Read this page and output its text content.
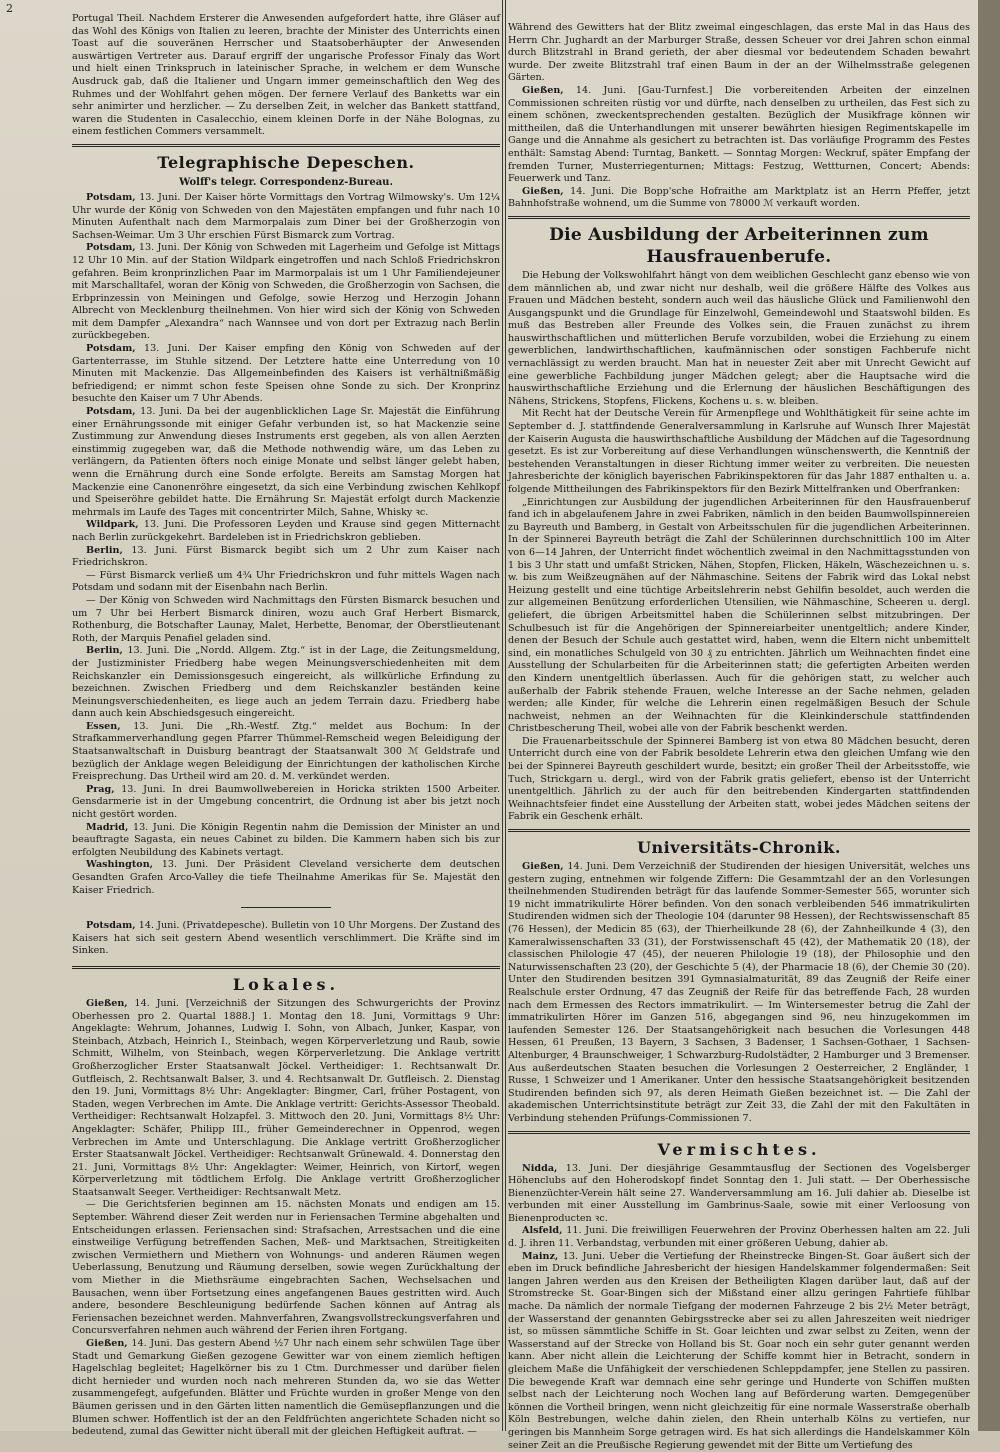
2

Portugal Theil. Nachdem Ersterer die Anwesenden aufgefordert hatte, ihre Gläser auf das Wohl des Königs von Italien zu leeren, brachte der Minister des Unterrichts einen Toast auf die souveränen Herrscher und Staatsoberhäupter der Anwesenden auswärtigen Vertreter aus. Darauf ergriff der ungarische Professor Finaly das Wort und hielt einen Trinkspruch in lateinischer Sprache, in welchem er dem Wunsche Ausdruck gab, daß die Italiener und Ungarn immer gemeinschaftlich den Weg des Ruhmes und der Wohlfahrt gehen mögen. Der fernere Verlauf des Banketts war ein sehr animirter und herzlicher. — Zu derselben Zeit, in welcher das Bankett stattfand, waren die Studenten in Casalecchio, einem kleinen Dorfe in der Nähe Bolognas, zu einem festlichen Commers versammelt.

Telegraphische Depeschen.
Wolff's telegr. Correspondenz-Bureau.

Potsdam, 13. Juni. Der Kaiser hörte Vormittags den Vortrag Wilmowsky's. Um 12¼ Uhr wurde der König von Schweden von den Majestäten empfangen und fuhr nach 10 Minuten Aufenthalt nach dem Marmorpalais zum Diner bei der Großherzogin von Sachsen-Weimar. Um 3 Uhr erschien Fürst Bismarck zum Vortrag.

Potsdam, 13. Juni. Der König von Schweden mit Lagerheim und Gefolge ist Mittags 12 Uhr 10 Min. auf der Station Wildpark eingetroffen und nach Schloß Friedrichskron gefahren. Beim kronprinzlichen Paar im Marmorpalais ist um 1 Uhr Familiendejeuner mit Marschalltafel, woran der König von Schweden, die Großherzogin von Sachsen, die Erbprinzessin von Meiningen und Gefolge, sowie Herzog und Herzogin Johann Albrecht von Mecklenburg theilnehmen. Von hier wird sich der König von Schweden mit dem Dampfer „Alexandra“ nach Wannsee und von dort per Extrazug nach Berlin zurückbegeben.

Potsdam, 13. Juni. Der Kaiser empfing den König von Schweden auf der Gartenterrasse, im Stuhle sitzend. Der Letztere hatte eine Unterredung von 10 Minuten mit Mackenzie. Das Allgemeinbefinden des Kaisers ist verhältnißmäßig befriedigend; er nimmt schon feste Speisen ohne Sonde zu sich. Der Kronprinz besuchte den Kaiser um 7 Uhr Abends.

Potsdam, 13. Juni. Da bei der augenblicklichen Lage Sr. Majestät die Einführung einer Ernährungssonde mit einiger Gefahr verbunden ist, so hat Mackenzie seine Zustimmung zur Anwendung dieses Instruments erst gegeben, als von allen Aerzten einstimmig zugegeben war, daß die Methode nothwendig wäre, um das Leben zu verlängern, da Patienten öfters noch einige Monate und selbst länger gelebt haben, wenn die Ernährung durch eine Sonde erfolgte. Bereits am Samstag Morgen hat Mackenzie eine Canonenröhre eingesetzt, da sich eine Verbindung zwischen Kehlkopf und Speiseröhre gebildet hatte. Die Ernährung Sr. Majestät erfolgt durch Mackenzie mehrmals im Laufe des Tages mit concentrirter Milch, Sahne, Whisky ꝛc.

Wildpark, 13. Juni. Die Professoren Leyden und Krause sind gegen Mitternacht nach Berlin zurückgekehrt. Bardeleben ist in Friedrichskron geblieben.

Berlin, 13. Juni. Fürst Bismarck begibt sich um 2 Uhr zum Kaiser nach Friedrichskron.

— Fürst Bismarck verließ um 4¾ Uhr Friedrichskron und fuhr mittels Wagen nach Potsdam und sodann mit der Eisenbahn nach Berlin.

— Der König von Schweden wird Nachmittags den Fürsten Bismarck besuchen und um 7 Uhr bei Herbert Bismarck diniren, wozu auch Graf Herbert Bismarck, Rothenburg, die Botschafter Launay, Malet, Herbette, Benomar, der Oberstlieutenant Roth, der Marquis Penafiel geladen sind.

Berlin, 13. Juni. Die „Nordd. Allgem. Ztg.“ ist in der Lage, die Zeitungsmeldung, der Justizminister Friedberg habe wegen Meinungsverschiedenheiten mit dem Reichskanzler ein Demissionsgesuch eingereicht, als willkürliche Erfindung zu bezeichnen. Zwischen Friedberg und dem Reichskanzler beständen keine Meinungsverschiedenheiten, es liege auch an jedem Terrain dazu. Friedberg habe dann auch kein Abschiedsgesuch eingereicht.

Essen, 13. Juni. Die „Rh.-Westf. Ztg.“ meldet aus Bochum: In der Strafkammerverhandlung gegen Pfarrer Thümmel-Remscheid wegen Beleidigung der Staatsanwaltschaft in Duisburg beantragt der Staatsanwalt 300 ℳ Geldstrafe und bezüglich der Anklage wegen Beleidigung der Einrichtungen der katholischen Kirche Freisprechung. Das Urtheil wird am 20. d. M. verkündet werden.

Prag, 13. Juni. In drei Baumwollwebereien in Horicka strikten 1500 Arbeiter. Gensdarmerie ist in der Umgebung concentrirt, die Ordnung ist aber bis jetzt noch nicht gestört worden.

Madrid, 13. Juni. Die Königin Regentin nahm die Demission der Minister an und beauftragte Sagasta, ein neues Cabinet zu bilden. Die Kammern haben sich bis zur erfolgten Neubildung des Kabinets vertagt.

Washington, 13. Juni. Der Präsident Cleveland versicherte dem deutschen Gesandten Grafen Arco-Valley die tiefe Theilnahme Amerikas für Se. Majestät den Kaiser Friedrich.

Potsdam, 14. Juni. (Privatdepesche). Bulletin von 10 Uhr Morgens. Der Zustand des Kaisers hat sich seit gestern Abend wesentlich verschlimmert. Die Kräfte sind im Sinken.

Lokales.

Gießen, 14. Juni. [Verzeichniß der Sitzungen des Schwurgerichts der Provinz Oberhessen pro 2. Quartal 1888.] 1. Montag den 18. Juni, Vormittags 9 Uhr: Angeklagte: Wehrum, Johannes, Ludwig I. Sohn, von Albach, Junker, Kaspar, von Steinbach, Atzbach, Heinrich I., Steinbach, wegen Körperverletzung und Raub, sowie Schmitt, Wilhelm, von Steinbach, wegen Körperverletzung. Die Anklage vertritt Großherzoglicher Erster Staatsanwalt Jöckel. Vertheidiger: 1. Rechtsanwalt Dr. Gutfleisch, 2. Rechtsanwalt Balser, 3. und 4. Rechtsanwalt Dr. Gutfleisch. 2. Dienstag den 19. Juni, Vormittags 8½ Uhr: Angeklagter: Bingmer, Carl, früher Postagent, von Staden, wegen Verbrechen im Amte. Die Anklage vertritt: Gerichts-Assessor Theobald. Vertheidiger: Rechtsanwalt Holzapfel. 3. Mittwoch den 20. Juni, Vormittags 8½ Uhr: Angeklagter: Schäfer, Philipp III., früher Gemeinderechner in Oppenrod, wegen Verbrechen im Amte und Unterschlagung. Die Anklage vertritt Großherzoglicher Erster Staatsanwalt Jöckel. Vertheidiger: Rechtsanwalt Grünewald. 4. Donnerstag den 21. Juni, Vormittags 8½ Uhr: Angeklagter: Weimer, Heinrich, von Kirtorf, wegen Körperverletzung mit tödtlichem Erfolg. Die Anklage vertritt Großherzoglicher Staatsanwalt Seeger. Vertheidiger: Rechtsanwalt Metz.

— Die Gerichtsferien beginnen am 15. nächsten Monats und endigen am 15. September. Während dieser Zeit werden nur in Feriensachen Termine abgehalten und Entscheidungen erlassen. Feriensachen sind: Strafsachen, Arrestsachen und die eine einstweilige Verfügung betreffenden Sachen, Meß- und Marktsachen, Streitigkeiten zwischen Vermiethern und Miethern von Wohnungs- und anderen Räumen wegen Ueberlassung, Benutzung und Räumung derselben, sowie wegen Zurückhaltung der vom Miether in die Miethsräume eingebrachten Sachen, Wechselsachen und Bausachen, wenn über Fortsetzung eines angefangenen Baues gestritten wird. Auch andere, besondere Beschleunigung bedürfende Sachen können auf Antrag als Feriensachen bezeichnet werden. Mahnverfahren, Zwangsvollstreckungsverfahren und Concursverfahren nehmen auch während der Ferien ihren Fortgang.

Gießen, 14. Juni. Das gestern Abend ½7 Uhr nach einem sehr schwülen Tage über Stadt und Gemarkung Gießen gezogene Gewitter war von einem ziemlich heftigen Hagelschlag begleitet; Hagelkörner bis zu 1 Ctm. Durchmesser und darüber fielen dicht hernieder und wurden noch nach mehreren Stunden da, wo sie das Wetter zusammengefegt, aufgefunden. Blätter und Früchte wurden in großer Menge von den Bäumen gerissen und in den Gärten litten namentlich die Gemüsepflanzungen und die Blumen schwer. Hoffentlich ist der an den Feldfrüchten angerichtete Schaden nicht so bedeutend, zumal das Gewitter nicht überall mit der gleichen Heftigkeit auftrat. —

Während des Gewitters hat der Blitz zweimal eingeschlagen, das erste Mal in das Haus des Herrn Chr. Jughardt an der Marburger Straße, dessen Scheuer vor drei Jahren schon einmal durch Blitzstrahl in Brand gerieth, der aber diesmal vor bedeutendem Schaden bewahrt wurde. Der zweite Blitzstrahl traf einen Baum in der an der Wilhelmsstraße gelegenen Gärten.

Gießen, 14. Juni. [Gau-Turnfest.] Die vorbereitenden Arbeiten der einzelnen Commissionen schreiten rüstig vor und dürfte, nach denselben zu urtheilen, das Fest sich zu einem schönen, zweckentsprechenden gestalten. Bezüglich der Musikfrage können wir mittheilen, daß die Unterhandlungen mit unserer bewährten hiesigen Regimentskapelle im Gange und die Annahme als gesichert zu betrachten ist. Das vorläufige Programm des Festes enthält: Samstag Abend: Turntag, Bankett. — Sonntag Morgen: Weckruf, später Empfang der fremden Turner, Musterriegenturnen; Mittags: Festzug, Wettturnen, Concert; Abends: Feuerwerk und Tanz.

Gießen, 14. Juni. Die Bopp'sche Hofraithe am Marktplatz ist an Herrn Pfeffer, jetzt Bahnhofstraße wohnend, um die Summe von 78000 ℳ verkauft worden.

Die Ausbildung der Arbeiterinnen zum Hausfrauenberufe.

Die Hebung der Volkswohlfahrt hängt von dem weiblichen Geschlecht ganz ebenso wie von dem männlichen ab, und zwar nicht nur deshalb, weil die größere Hälfte des Volkes aus Frauen und Mädchen besteht, sondern auch weil das häusliche Glück und Familienwohl den Ausgangspunkt und die Grundlage für Einzelwohl, Gemeindewohl und Staatswohl bilden. Es muß das Bestreben aller Freunde des Volkes sein, die Frauen zunächst zu ihrem hauswirthschaftlichen und mütterlichen Berufe vorzubilden, wobei die Erziehung zu einem gewerblichen, landwirthschaftlichen, kaufmännischen oder sonstigen Fachberufe nicht vernachlässigt zu werden braucht. Man hat in neuester Zeit aber mit Unrecht Gewicht auf eine gewerbliche Fachbildung junger Mädchen gelegt; aber die Hauptsache wird die hauswirthschaftliche Erziehung und die Erlernung der häuslichen Beschäftigungen des Nähens, Strickens, Stopfens, Flickens, Kochens u. s. w. bleiben.

Mit Recht hat der Deutsche Verein für Armenpflege und Wohlthätigkeit für seine achte im September d. J. stattfindende Generalversammlung in Karlsruhe auf Wunsch Ihrer Majestät der Kaiserin Augusta die hauswirthschaftliche Ausbildung der Mädchen auf die Tagesordnung gesetzt. Es ist zur Vorbereitung auf diese Verhandlungen wünschenswerth, die Kenntniß der bestehenden Veranstaltungen in dieser Richtung immer weiter zu verbreiten. Die neuesten Jahresberichte der königlich bayerischen Fabrikinspektoren für das Jahr 1887 enthalten u. a. folgende Mittheilungen des Fabrikinspektors für den Bezirk Mittelfranken und Oberfranken:

„Einrichtungen zur Ausbildung der jugendlichen Arbeiterinnen für den Hausfrauenberuf fand ich in abgelaufenem Jahre in zwei Fabriken, nämlich in den beiden Baumwollspinnereien zu Bayreuth und Bamberg, in Gestalt von Arbeitsschulen für die jugendlichen Arbeiterinnen. In der Spinnerei Bayreuth beträgt die Zahl der Schülerinnen durchschnittlich 100 im Alter von 6—14 Jahren, der Unterricht findet wöchentlich zweimal in den Nachmittagsstunden von 1 bis 3 Uhr statt und umfaßt Stricken, Nähen, Stopfen, Flicken, Häkeln, Wäschezeichnen u. s. w. bis zum Weißzeugnähen auf der Nähmaschine. Seitens der Fabrik wird das Lokal nebst Heizung gestellt und eine tüchtige Arbeitslehrerin nebst Gehilfin besoldet, auch werden die zur allgemeinen Benützung erforderlichen Utensilien, wie Nähmaschine, Scheeren u. dergl. geliefert, die übrigen Arbeitsmittel haben die Schülerinnen selbst mitzubringen. Der Schulbesuch ist für die Angehörigen der Spinnereiarbeiter unentgeltlich; andere Kinder, denen der Besuch der Schule auch gestattet wird, haben, wenn die Eltern nicht unbemittelt sind, ein monatliches Schulgeld von 30 ₰ zu entrichten. Jährlich um Weihnachten findet eine Ausstellung der Schularbeiten für die Arbeiterinnen statt; die gefertigten Arbeiten werden den Kindern unentgeltlich überlassen. Auch für die gehörigen statt, zu welcher auch außerhalb der Fabrik stehende Frauen, welche Interesse an der Sache nehmen, geladen werden; alle Kinder, für welche die Lehrerin einen regelmäßigen Besuch der Schule nachweist, nehmen an der Weihnachten für die Kleinkinderschule stattfindenden Christbescherung Theil, wobei alle von der Fabrik beschenkt werden.

Die Frauenarbeitsschule der Spinnerei Bamberg ist von etwa 80 Mädchen besucht, deren Unterricht durch eine von der Fabrik besoldete Lehrerin etwa den gleichen Umfang wie den bei der Spinnerei Bayreuth geschildert wurde, besitzt; ein großer Theil der Arbeitsstoffe, wie Tuch, Strickgarn u. dergl., wird von der Fabrik gratis geliefert, ebenso ist der Unterricht unentgeltlich. Jährlich zu der auch für den beitrebenden Kindergarten stattfindenden Weihnachtsfeier findet eine Ausstellung der Arbeiten statt, wobei jedes Mädchen seitens der Fabrik ein Geschenk erhält.

Universitäts-Chronik.

Gießen, 14. Juni. Dem Verzeichniß der Studirenden der hiesigen Universität, welches uns gestern zuging, entnehmen wir folgende Ziffern: Die Gesammtzahl der an den Vorlesungen theilnehmenden Studirenden beträgt für das laufende Sommer-Semester 565, worunter sich 19 nicht immatrikulirte Hörer befinden. Von den sonach verbleibenden 546 immatrikulirten Studirenden widmen sich der Theologie 104 (darunter 98 Hessen), der Rechtswissenschaft 85 (76 Hessen), der Medicin 85 (63), der Thierheilkunde 28 (6), der Zahnheilkunde 4 (3), den Kameralwissenschaften 33 (31), der Forstwissenschaft 45 (42), der Mathematik 20 (18), der classischen Philologie 47 (45), der neueren Philologie 19 (18), der Philosophie und den Naturwissenschaften 23 (20), der Geschichte 5 (4), der Pharmacie 18 (6), der Chemie 30 (20). Unter den Studirenden besitzen 391 Gymnasialmaturität, 89 das Zeugniß der Reife einer Realschule erster Ordnung, 47 das Zeugniß der Reife für das betreffende Fach, 28 wurden nach dem Ermessen des Rectors immatrikulirt. — Im Wintersemester betrug die Zahl der immatrikulirten Hörer im Ganzen 516, abgegangen sind 96, neu hinzugekommen im laufenden Semester 126. Der Staatsangehörigkeit nach besuchen die Vorlesungen 448 Hessen, 61 Preußen, 13 Bayern, 3 Sachsen, 3 Badenser, 1 Sachsen-Gothaer, 1 Sachsen-Altenburger, 4 Braunschweiger, 1 Schwarzburg-Rudolstädter, 2 Hamburger und 3 Bremenser. Aus außerdeutschen Staaten besuchen die Vorlesungen 2 Oesterreicher, 2 Engländer, 1 Russe, 1 Schweizer und 1 Amerikaner. Unter den hessische Staatsangehörigkeit besitzenden Studirenden befinden sich 97, als deren Heimath Gießen bezeichnet ist. — Die Zahl der akademischen Unterrichtsinstitute beträgt zur Zeit 33, die Zahl der mit den Fakultäten in Verbindung stehenden Prüfungs-Commissionen 7.

Vermischtes.

Nidda, 13. Juni. Der diesjährige Gesammtausflug der Sectionen des Vogelsberger Höhenclubs auf den Hoherodskopf findet Sonntag den 1. Juli statt. — Der Oberhessische Bienenzüchter-Verein hält seine 27. Wanderversammlung am 16. Juli dahier ab. Dieselbe ist verbunden mit einer Ausstellung im Gambrinus-Saale, sowie mit einer Verloosung von Bienenproducten ꝛc.

Alsfeld, 11. Juni. Die freiwilligen Feuerwehren der Provinz Oberhessen halten am 22. Juli d. J. ihren 11. Verbandstag, verbunden mit einer größeren Uebung, dahier ab.

Mainz, 13. Juni. Ueber die Vertiefung der Rheinstrecke Bingen-St. Goar äußert sich der eben im Druck befindliche Jahresbericht der hiesigen Handelskammer folgendermaßen: Seit langen Jahren werden aus den Kreisen der Betheiligten Klagen darüber laut, daß auf der Stromstrecke St. Goar-Bingen sich der Mißstand einer allzu geringen Fahrtiefe fühlbar mache. Da nämlich der normale Tiefgang der modernen Fahrzeuge 2 bis 2½ Meter beträgt, der Wasserstand der genannten Gebirgsstrecke aber sei zu allen Jahreszeiten weit niedriger ist, so müssen sämmtliche Schiffe in St. Goar leichten und zwar selbst zu Zeiten, wenn der Wasserstand auf der Strecke von Holland bis St. Goar noch ein sehr guter genannt werden kann. Aber nicht allein die Leichterung der Schiffe kommt hier in Betracht, sondern in gleichem Maße die Unfähigkeit der verschiedenen Schleppdampfer, jene Stellen zu passiren. Die bewegende Kraft war demnach eine sehr geringe und Hunderte von Schiffen mußten selbst nach der Leichterung noch Wochen lang auf Beförderung warten. Demgegenüber können die Vortheil bringen, wenn nicht gleichzeitig für eine normale Wasserstraße oberhalb Köln Bestrebungen, welche dahin zielen, den Rhein unterhalb Kölns zu vertiefen, nur geringen bis Mannheim Sorge getragen wird. Es hat sich allerdings die Handelskammer Köln seiner Zeit an die Preußische Regierung gewendet mit der Bitte um Vertiefung des
